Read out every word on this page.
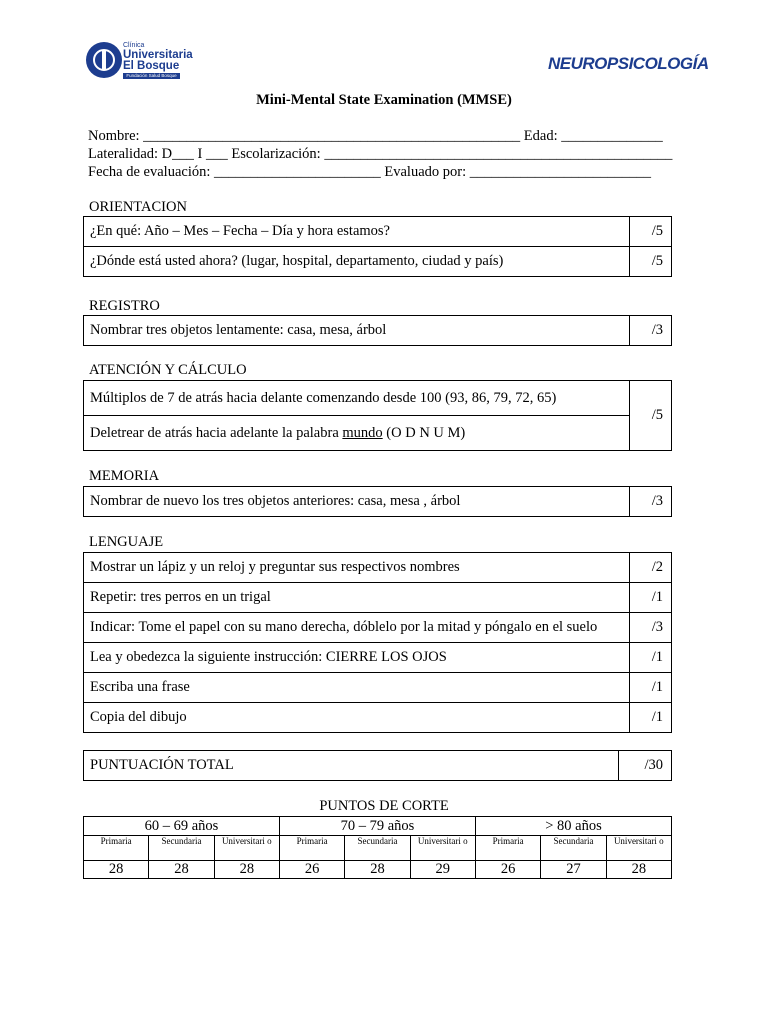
Clínica
Universitaria
El Bosque
Fundación Salud Bosque
NEUROPSICOLOGÍA
Mini-Mental State Examination (MMSE)
Nombre: ____________________________________________________ Edad: ______________
Lateralidad: D___ I ___ Escolarización: ________________________________________________
Fecha de evaluación: _______________________ Evaluado por: _________________________
ORIENTACION
¿En qué: Año – Mes – Fecha – Día y hora estamos?	/5
¿Dónde está usted ahora? (lugar, hospital, departamento, ciudad y país)	/5
REGISTRO
Nombrar tres objetos lentamente: casa, mesa, árbol	/3
ATENCIÓN Y CÁLCULO
Múltiplos de 7 de atrás hacia delante comenzando desde 100 (93, 86, 79, 72, 65)	/5
Deletrear de atrás hacia adelante la palabra mundo (O D N U M)
MEMORIA
Nombrar de nuevo los tres objetos anteriores: casa, mesa , árbol	/3
LENGUAJE
Mostrar un lápiz y un reloj y preguntar sus respectivos nombres	/2
Repetir: tres perros en un trigal	/1
Indicar: Tome el papel con su mano derecha, dóblelo por la mitad y póngalo en el suelo	/3
Lea y obedezca la siguiente instrucción: CIERRE LOS OJOS	/1
Escriba una frase	/1
Copia del dibujo	/1
PUNTUACIÓN TOTAL	/30
PUNTOS DE CORTE
60 – 69 años			70 – 79 años			> 80 años		
Primaria	Secundaria	Universitari o	Primaria	Secundaria	Universitari o	Primaria	Secundaria	Universitari o
28	28	28	26	28	29	26	27	28
